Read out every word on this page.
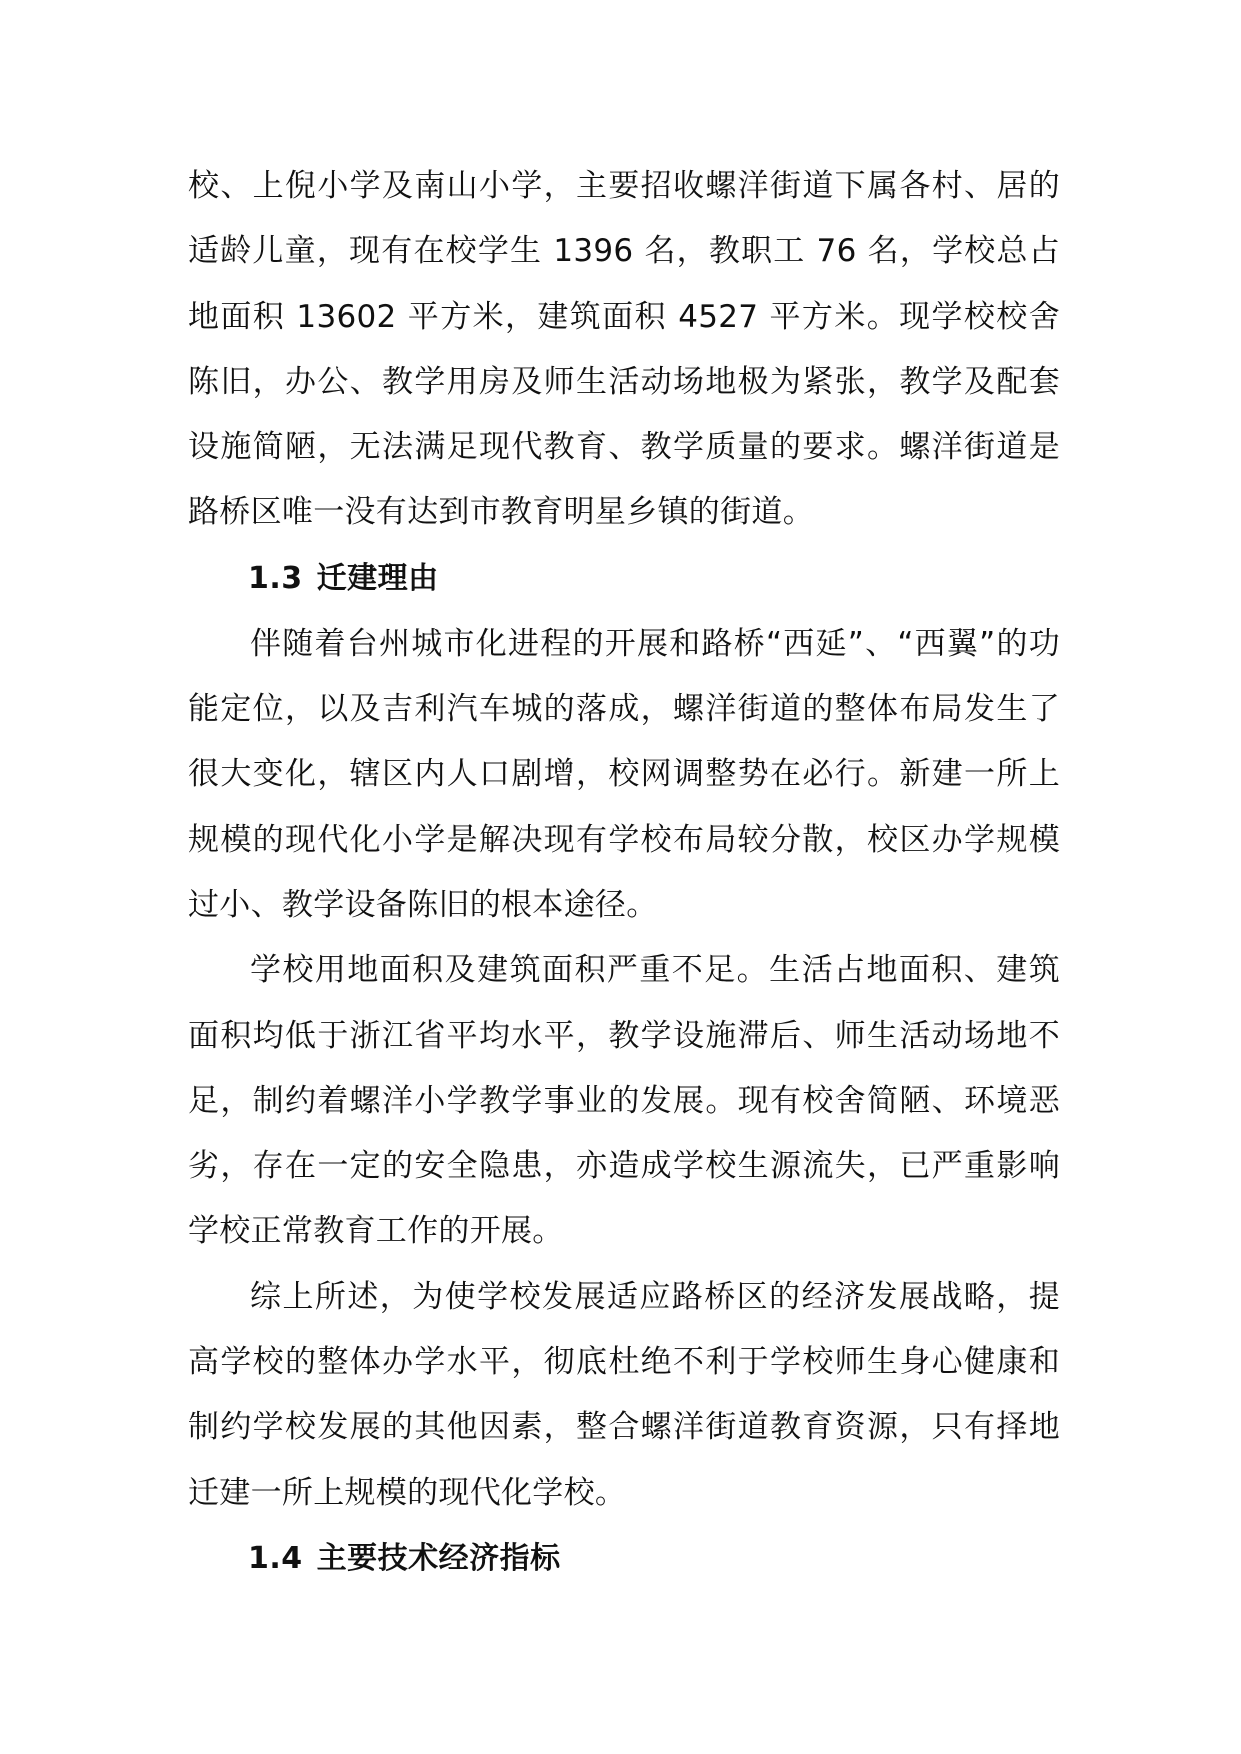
校、上倪小学及南山小学，主要招收螺洋街道下属各村、居的适龄儿童，现有在校学生 1396 名，教职工 76 名，学校总占地面积 13602 平方米，建筑面积 4527 平方米。现学校校舍陈旧，办公、教学用房及师生活动场地极为紧张，教学及配套设施简陋，无法满足现代教育、教学质量的要求。螺洋街道是路桥区唯一没有达到市教育明星乡镇的街道。

1.3 迁建理由

伴随着台州城市化进程的开展和路桥“西延”、“西翼”的功能定位，以及吉利汽车城的落成，螺洋街道的整体布局发生了很大变化，辖区内人口剧增，校网调整势在必行。新建一所上规模的现代化小学是解决现有学校布局较分散，校区办学规模过小、教学设备陈旧的根本途径。

学校用地面积及建筑面积严重不足。生活占地面积、建筑面积均低于浙江省平均水平，教学设施滞后、师生活动场地不足，制约着螺洋小学教学事业的发展。现有校舍简陋、环境恶劣，存在一定的安全隐患，亦造成学校生源流失，已严重影响学校正常教育工作的开展。

综上所述，为使学校发展适应路桥区的经济发展战略，提高学校的整体办学水平，彻底杜绝不利于学校师生身心健康和制约学校发展的其他因素，整合螺洋街道教育资源，只有择地迁建一所上规模的现代化学校。

1.4 主要技术经济指标
